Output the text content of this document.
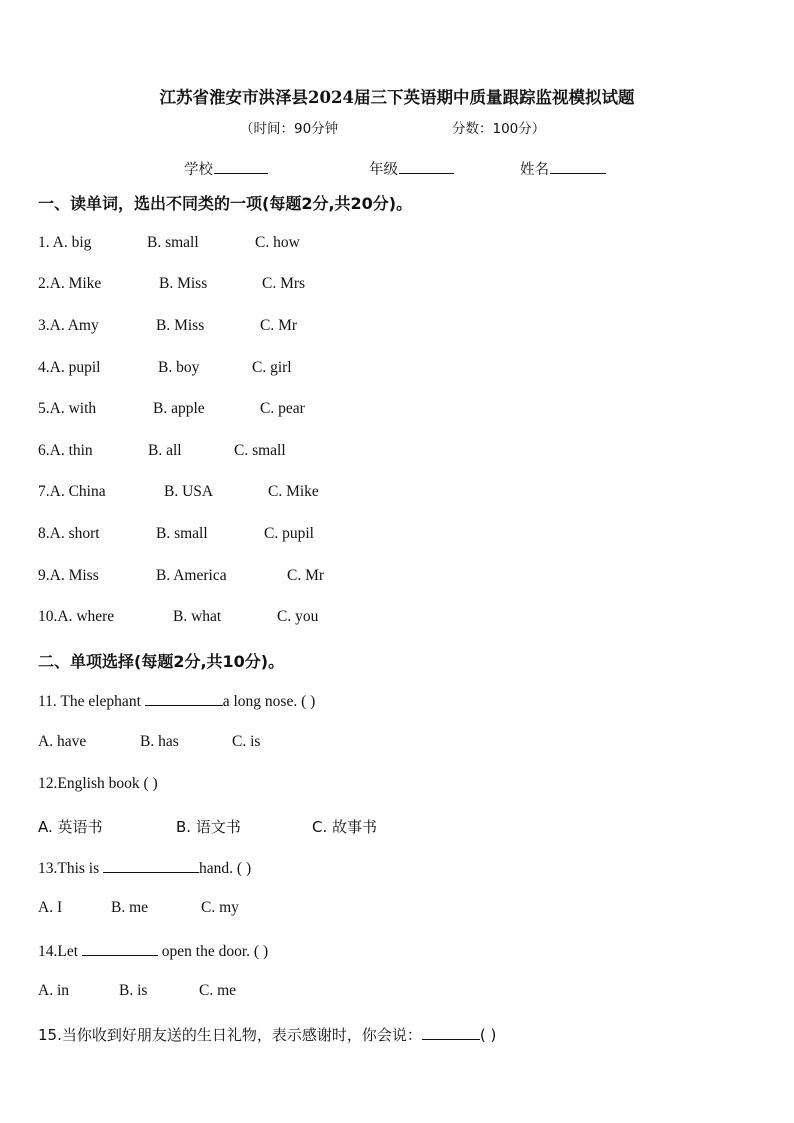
江苏省淮安市洪泽县2024届三下英语期中质量跟踪监视模拟试题
（时间：90分钟	分数：100分）
学校	年级	姓名
一、读单词，选出不同类的一项(每题2分,共20分)。
1. A. big	B. small	C. how
2.A. Mike	B. Miss	C. Mrs
3.A. Amy	B. Miss	C. Mr
4.A. pupil	B. boy	C. girl
5.A. with	B. apple	C. pear
6.A. thin	B. all	C. small
7.A. China	B. USA	C. Mike
8.A. short	B. small	C. pupil
9.A. Miss	B. America	C. Mr
10.A. where	B. what	C. you
二、单项选择(每题2分,共10分)。
11. The elephant	a long nose. ( )
A. have	B. has	C. is
12.English book ( )
A. 英语书	B. 语文书	C. 故事书
13.This is	hand. ( )
A. I	B. me	C. my
14.Let	open the door. ( )
A. in	B. is	C. me
15.当你收到好朋友送的生日礼物，表示感谢时，你会说：	( )
